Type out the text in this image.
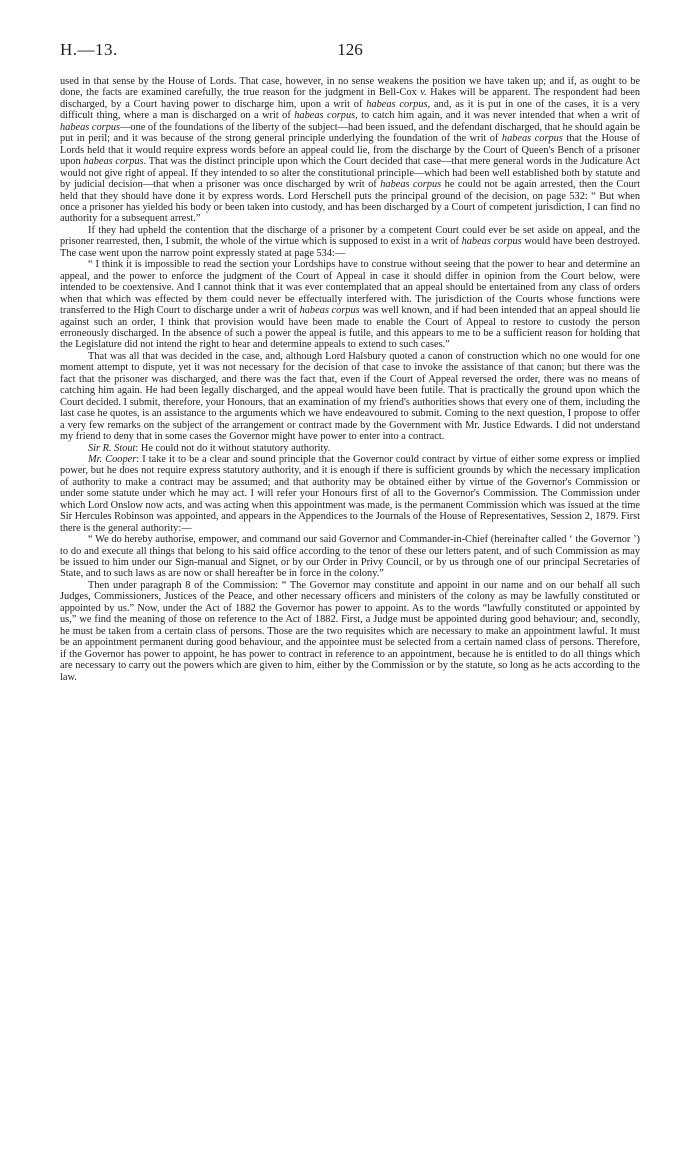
H.—13.	126

used in that sense by the House of Lords. That case, however, in no sense weakens the position we have taken up; and if, as ought to be done, the facts are examined carefully, the true reason for the judgment in Bell-Cox v. Hakes will be apparent. The respondent had been discharged, by a Court having power to discharge him, upon a writ of habeas corpus, and, as it is put in one of the cases, it is a very difficult thing, where a man is discharged on a writ of habeas corpus, to catch him again, and it was never intended that when a writ of habeas corpus—one of the foundations of the liberty of the subject—had been issued, and the defendant discharged, that he should again be put in peril; and it was because of the strong general principle underlying the foundation of the writ of habeas corpus that the House of Lords held that it would require express words before an appeal could lie, from the discharge by the Court of Queen's Bench of a prisoner upon habeas corpus. That was the distinct principle upon which the Court decided that case—that mere general words in the Judicature Act would not give right of appeal. If they intended to so alter the constitutional principle—which had been well established both by statute and by judicial decision—that when a prisoner was once discharged by writ of habeas corpus he could not be again arrested, then the Court held that they should have done it by express words. Lord Herschell puts the principal ground of the decision, on page 532: “ But when once a prisoner has yielded his body or been taken into custody, and has been discharged by a Court of competent jurisdiction, I can find no authority for a subsequent arrest.”

If they had upheld the contention that the discharge of a prisoner by a competent Court could ever be set aside on appeal, and the prisoner rearrested, then, I submit, the whole of the virtue which is supposed to exist in a writ of habeas corpus would have been destroyed. The case went upon the narrow point expressly stated at page 534:—

“ I think it is impossible to read the section your Lordships have to construe without seeing that the power to hear and determine an appeal, and the power to enforce the judgment of the Court of Appeal in case it should differ in opinion from the Court below, were intended to be coextensive. And I cannot think that it was ever contemplated that an appeal should be entertained from any class of orders when that which was effected by them could never be effectually interfered with. The jurisdiction of the Courts whose functions were transferred to the High Court to discharge under a writ of habeas corpus was well known, and if had been intended that an appeal should lie against such an order, I think that provision would have been made to enable the Court of Appeal to restore to custody the person erroneously discharged. In the absence of such a power the appeal is futile, and this appears to me to be a sufficient reason for holding that the Legislature did not intend the right to hear and determine appeals to extend to such cases.”

That was all that was decided in the case, and, although Lord Halsbury quoted a canon of construction which no one would for one moment attempt to dispute, yet it was not necessary for the decision of that case to invoke the assistance of that canon; but there was the fact that the prisoner was discharged, and there was the fact that, even if the Court of Appeal reversed the order, there was no means of catching him again. He had been legally discharged, and the appeal would have been futile. That is practically the ground upon which the Court decided. I submit, therefore, your Honours, that an examination of my friend's authorities shows that every one of them, including the last case he quotes, is an assistance to the arguments which we have endeavoured to submit. Coming to the next question, I propose to offer a very few remarks on the subject of the arrangement or contract made by the Government with Mr. Justice Edwards. I did not understand my friend to deny that in some cases the Governor might have power to enter into a contract.

Sir R. Stout: He could not do it without statutory authority.

Mr. Cooper: I take it to be a clear and sound principle that the Governor could contract by virtue of either some express or implied power, but he does not require express statutory authority, and it is enough if there is sufficient grounds by which the necessary implication of authority to make a contract may be assumed; and that authority may be obtained either by virtue of the Governor's Commission or under some statute under which he may act. I will refer your Honours first of all to the Governor's Commission. The Commission under which Lord Onslow now acts, and was acting when this appointment was made, is the permanent Commission which was issued at the time Sir Hercules Robinson was appointed, and appears in the Appendices to the Journals of the House of Representatives, Session 2, 1879. First there is the general authority:—

“ We do hereby authorise, empower, and command our said Governor and Commander-in-Chief (hereinafter called ‘ the Governor ’) to do and execute all things that belong to his said office according to the tenor of these our letters patent, and of such Commission as may be issued to him under our Sign-manual and Signet, or by our Order in Privy Council, or by us through one of our principal Secretaries of State, and to such laws as are now or shall hereafter be in force in the colony.”

Then under paragraph 8 of the Commission: “ The Governor may constitute and appoint in our name and on our behalf all such Judges, Commissioners, Justices of the Peace, and other necessary officers and ministers of the colony as may be lawfully constituted or appointed by us.” Now, under the Act of 1882 the Governor has power to appoint. As to the words “lawfully constituted or appointed by us,” we find the meaning of those on reference to the Act of 1882. First, a Judge must be appointed during good behaviour; and, secondly, he must be taken from a certain class of persons. Those are the two requisites which are necessary to make an appointment lawful. It must be an appointment permanent during good behaviour, and the appointee must be selected from a certain named class of persons. Therefore, if the Governor has power to appoint, he has power to contract in reference to an appointment, because he is entitled to do all things which are necessary to carry out the powers which are given to him, either by the Commission or by the statute, so long as he acts according to the law.
